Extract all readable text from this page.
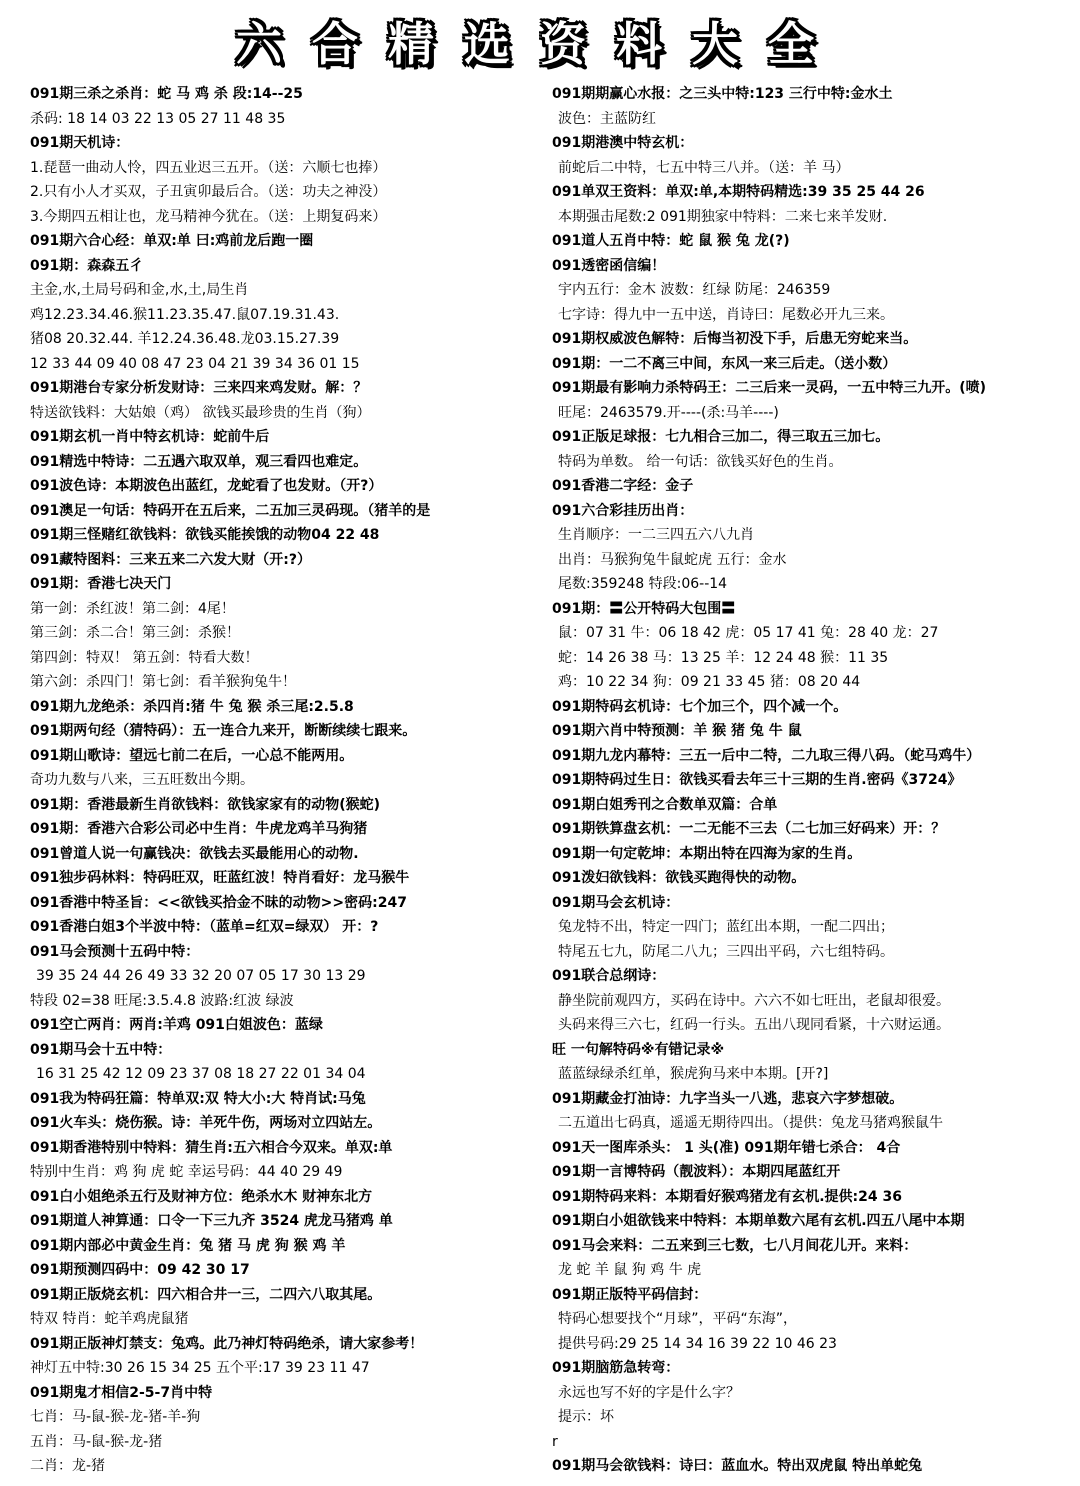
六合精选资料大全
091期三杀之杀肖：蛇 马 鸡 杀 段:14--25
杀码: 18 14 03 22 13 05 27 11 48 35
091期天机诗：
1.琵琶一曲动人怜，四五业迟三五开。（送：六顺七也捧）
2.只有小人才买双，子丑寅卯最后合。（送：功夫之神没）
3.今期四五相让也，龙马精神今犹在。（送：上期复码来）
091期六合心经：单双:单 曰:鸡前龙后跑一圈
091期：森森五彳
主金,水,土局号码和金,水,土,局生肖
鸡12.23.34.46.猴11.23.35.47.鼠07.19.31.43.
猪08 20.32.44. 羊12.24.36.48.龙03.15.27.39
12 33 44 09 40 08 47 23 04 21 39 34 36 01 15
091期港台专家分析发财诗：三来四来鸡发财。解：？
特送欲钱料：大姑娘（鸡） 欲钱买最珍贵的生肖（狗）
091期玄机一肖中特玄机诗：蛇前牛后
091精选中特诗：二五遇六取双单，观三看四也难定。
091波色诗：本期波色出蓝红，龙蛇看了也发财。（开?）
091澳足一句话：特码开在五后来，二五加三灵码现。（猪羊的是
091期三怪赌红欲钱料：欲钱买能挨饿的动物04 22 48
091藏特图料：三来五来二六发大财（开:?）
091期：香港七决天门
第一剑：杀红波！第二剑：4尾！
第三剑：杀二合！第三剑：杀猴！
第四剑：特双！ 第五剑：特看大数！
第六剑：杀四门！第七剑：看羊猴狗兔牛！
091期九龙绝杀：杀四肖:猪 牛 兔 猴 杀三尾:2.5.8
091期两句经（猜特码）：五一连合九来开，断断续续七跟来。
091期山歌诗：望远七前二在后，一心总不能两用。
奇功九数与八来，三五旺数出今期。
091期：香港最新生肖欲钱料：欲钱家家有的动物(猴蛇)
091期：香港六合彩公司必中生肖：牛虎龙鸡羊马狗猪
091曾道人说一句赢钱决：欲钱去买最能用心的动物.
091独步码林料：特码旺双，旺蓝红波！特肖看好：龙马猴牛
091香港中特圣旨：<<欲钱买拾金不昧的动物>>密码:247
091香港白姐3个半波中特：（蓝单=红双=绿双） 开：?
091马会预测十五码中特：
39 35 24 44 26 49 33 32 20 07 05 17 30 13 29
特段 02=38 旺尾:3.5.4.8 波路:红波 绿波
091空亡两肖：两肖:羊鸡 091白姐波色：蓝绿
091期马会十五中特：
16 31 25 42 12 09 23 37 08 18 27 22 01 34 04
091我为特码狂篇：特单双:双 特大小:大 特肖试:马兔
091火车头：烧伤猴。诗：羊死牛伤，两场对立四站左。
091期香港特别中特料：猜生肖:五六相合今双来。单双:单
特别中生肖：鸡 狗 虎 蛇 幸运号码：44 40 29 49
091白小姐绝杀五行及财神方位：绝杀水木 财神东北方
091期道人神算通：口令一下三九齐 3524 虎龙马猪鸡 单
091期内部必中黄金生肖：兔 猪 马 虎 狗 猴 鸡 羊
091期预测四码中：09 42 30 17
091期正版烧玄机：四六相合井一三，二四六八取其尾。
特双 特肖：蛇羊鸡虎鼠猪
091期正版神灯禁支：兔鸡。此乃神灯特码绝杀，请大家参考！
神灯五中特:30 26 15 34 25 五个平:17 39 23 11 47
091期鬼才相信2-5-7肖中特
七肖：马-鼠-猴-龙-猪-羊-狗
五肖：马-鼠-猴-龙-猪
二肖：龙-猪
091期期赢心水报：之三头中特:123 三行中特:金水土
波色：主蓝防红
091期港澳中特玄机：
前蛇后二中特，七五中特三八并。（送：羊 马）
091单双王资料：单双:单,本期特码精选:39 35 25 44 26
本期强击尾数:2 091期独家中特料：二来七来羊发财.
091道人五肖中特：蛇 鼠 猴 兔 龙(?)
091透密函信编！
宇内五行：金木 波数：红绿 防尾：246359
七字诗：得九中一五中送，肖诗曰：尾数必开九三来。
091期权威波色解特：后悔当初没下手，后患无穷蛇来当。
091期：一二不离三中间，东风一来三后走。（送小数）
091期最有影响力杀特码王：二三后来一灵码，一五中特三九开。(喷)
旺尾：2463579.开----(杀:马羊----)
091正版足球报：七九相合三加二，得三取五三加七。
特码为单数。 给一句话：欲钱买好色的生肖。
091香港二字经：金子
091六合彩挂历出肖：
生肖顺序：一二三四五六八九肖
出肖：马猴狗兔牛鼠蛇虎 五行：金水
尾数:359248 特段:06--14
091期：〓公开特码大包围〓
鼠：07 31 牛：06 18 42 虎：05 17 41 兔：28 40 龙：27
蛇：14 26 38 马：13 25 羊：12 24 48 猴：11 35
鸡：10 22 34 狗：09 21 33 45 猪：08 20 44
091期特码玄机诗：七个加三个，四个减一个。
091期六肖中特预测：羊 猴 猪 兔 牛 鼠
091期九龙内幕特：三五一后中二特，二九取三得八码。（蛇马鸡牛）
091期特码过生日：欲钱买看去年三十三期的生肖.密码《3724》
091期白姐秀刊之合数单双篇：合单
091期铁算盘玄机：一二无能不三去（二七加三好码来）开：？
091期一句定乾坤：本期出特在四海为家的生肖。
091泼妇欲钱料：欲钱买跑得快的动物。
091期马会玄机诗：
兔龙特不出，特定一四门；蓝红出本期，一配二四出；
特尾五七九，防尾二八九；三四出平码，六七组特码。
091联合总纲诗：
静坐院前观四方，买码在诗中。六六不如七旺出，老鼠却很爱。
头码来得三六七，红码一行头。五出八现同看紧，十六财运通。
旺 一句解特码※有错记录※
蓝蓝绿绿杀红单，猴虎狗马来中本期。[开?]
091期藏金打油诗：九字当头一八逃，悲哀六字梦想破。
二五道出七码真，遥遥无期待四出。（提供：兔龙马猪鸡猴鼠牛
091天一图库杀头： 1 头(准) 091期年错七杀合： 4合
091期一言博特码（靓波料）：本期四尾蓝红开
091期特码来料：本期看好猴鸡猪龙有玄机.提供:24 36
091期白小姐欲钱来中特料：本期单数六尾有玄机.四五八尾中本期
091马会来料：二五来到三七数，七八月间花儿开。来料：
龙 蛇 羊 鼠 狗 鸡 牛 虎
091期正版特平码信封：
特码心想要找个“月球”，平码“东海”，
提供号码:29 25 14 34 16 39 22 10 46 23
091期脑筋急转弯：
永远也写不好的字是什么字？
提示：坏
r
091期马会欲钱料：诗曰：蓝血水。特出双虎鼠 特出单蛇兔
